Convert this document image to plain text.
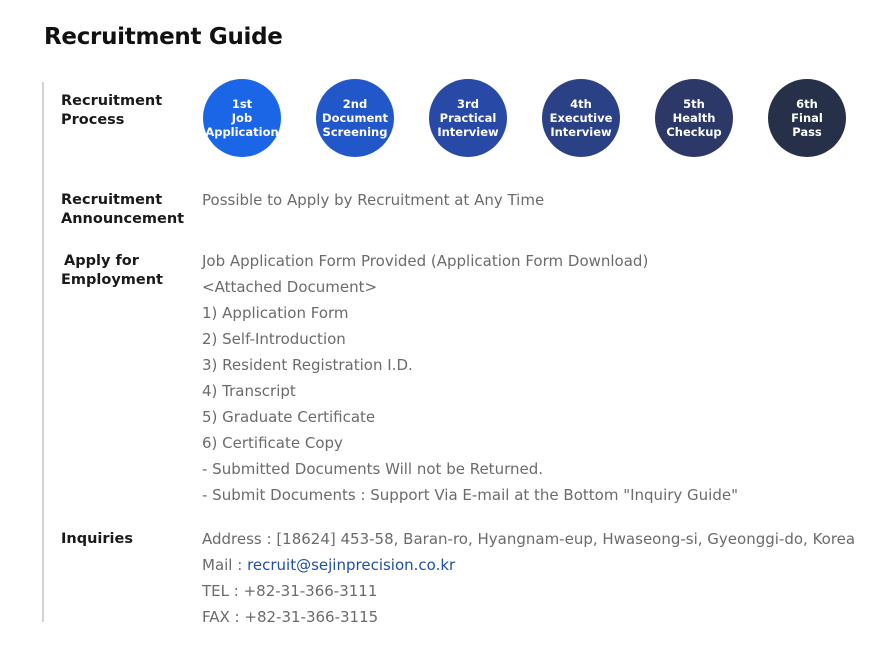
Recruitment Guide
Recruitment
Process
1st
Job
Application
2nd
Document
Screening
3rd
Practical
Interview
4th
Executive
Interview
5th
Health
Checkup
6th
Final
Pass
Recruitment
Announcement
Possible to Apply by Recruitment at Any Time
Apply for
Employment
Job Application Form Provided (Application Form Download)
<Attached Document>
1) Application Form
2) Self-Introduction
3) Resident Registration I.D.
4) Transcript
5) Graduate Certificate
6) Certificate Copy
- Submitted Documents Will not be Returned.
- Submit Documents : Support Via E-mail at the Bottom "Inquiry Guide"
Inquiries	Address : [18624] 453-58, Baran-ro, Hyangnam-eup, Hwaseong-si, Gyeonggi-do, Korea
Mail : recruit@sejinprecision.co.kr
TEL : +82-31-366-3111
FAX : +82-31-366-3115
